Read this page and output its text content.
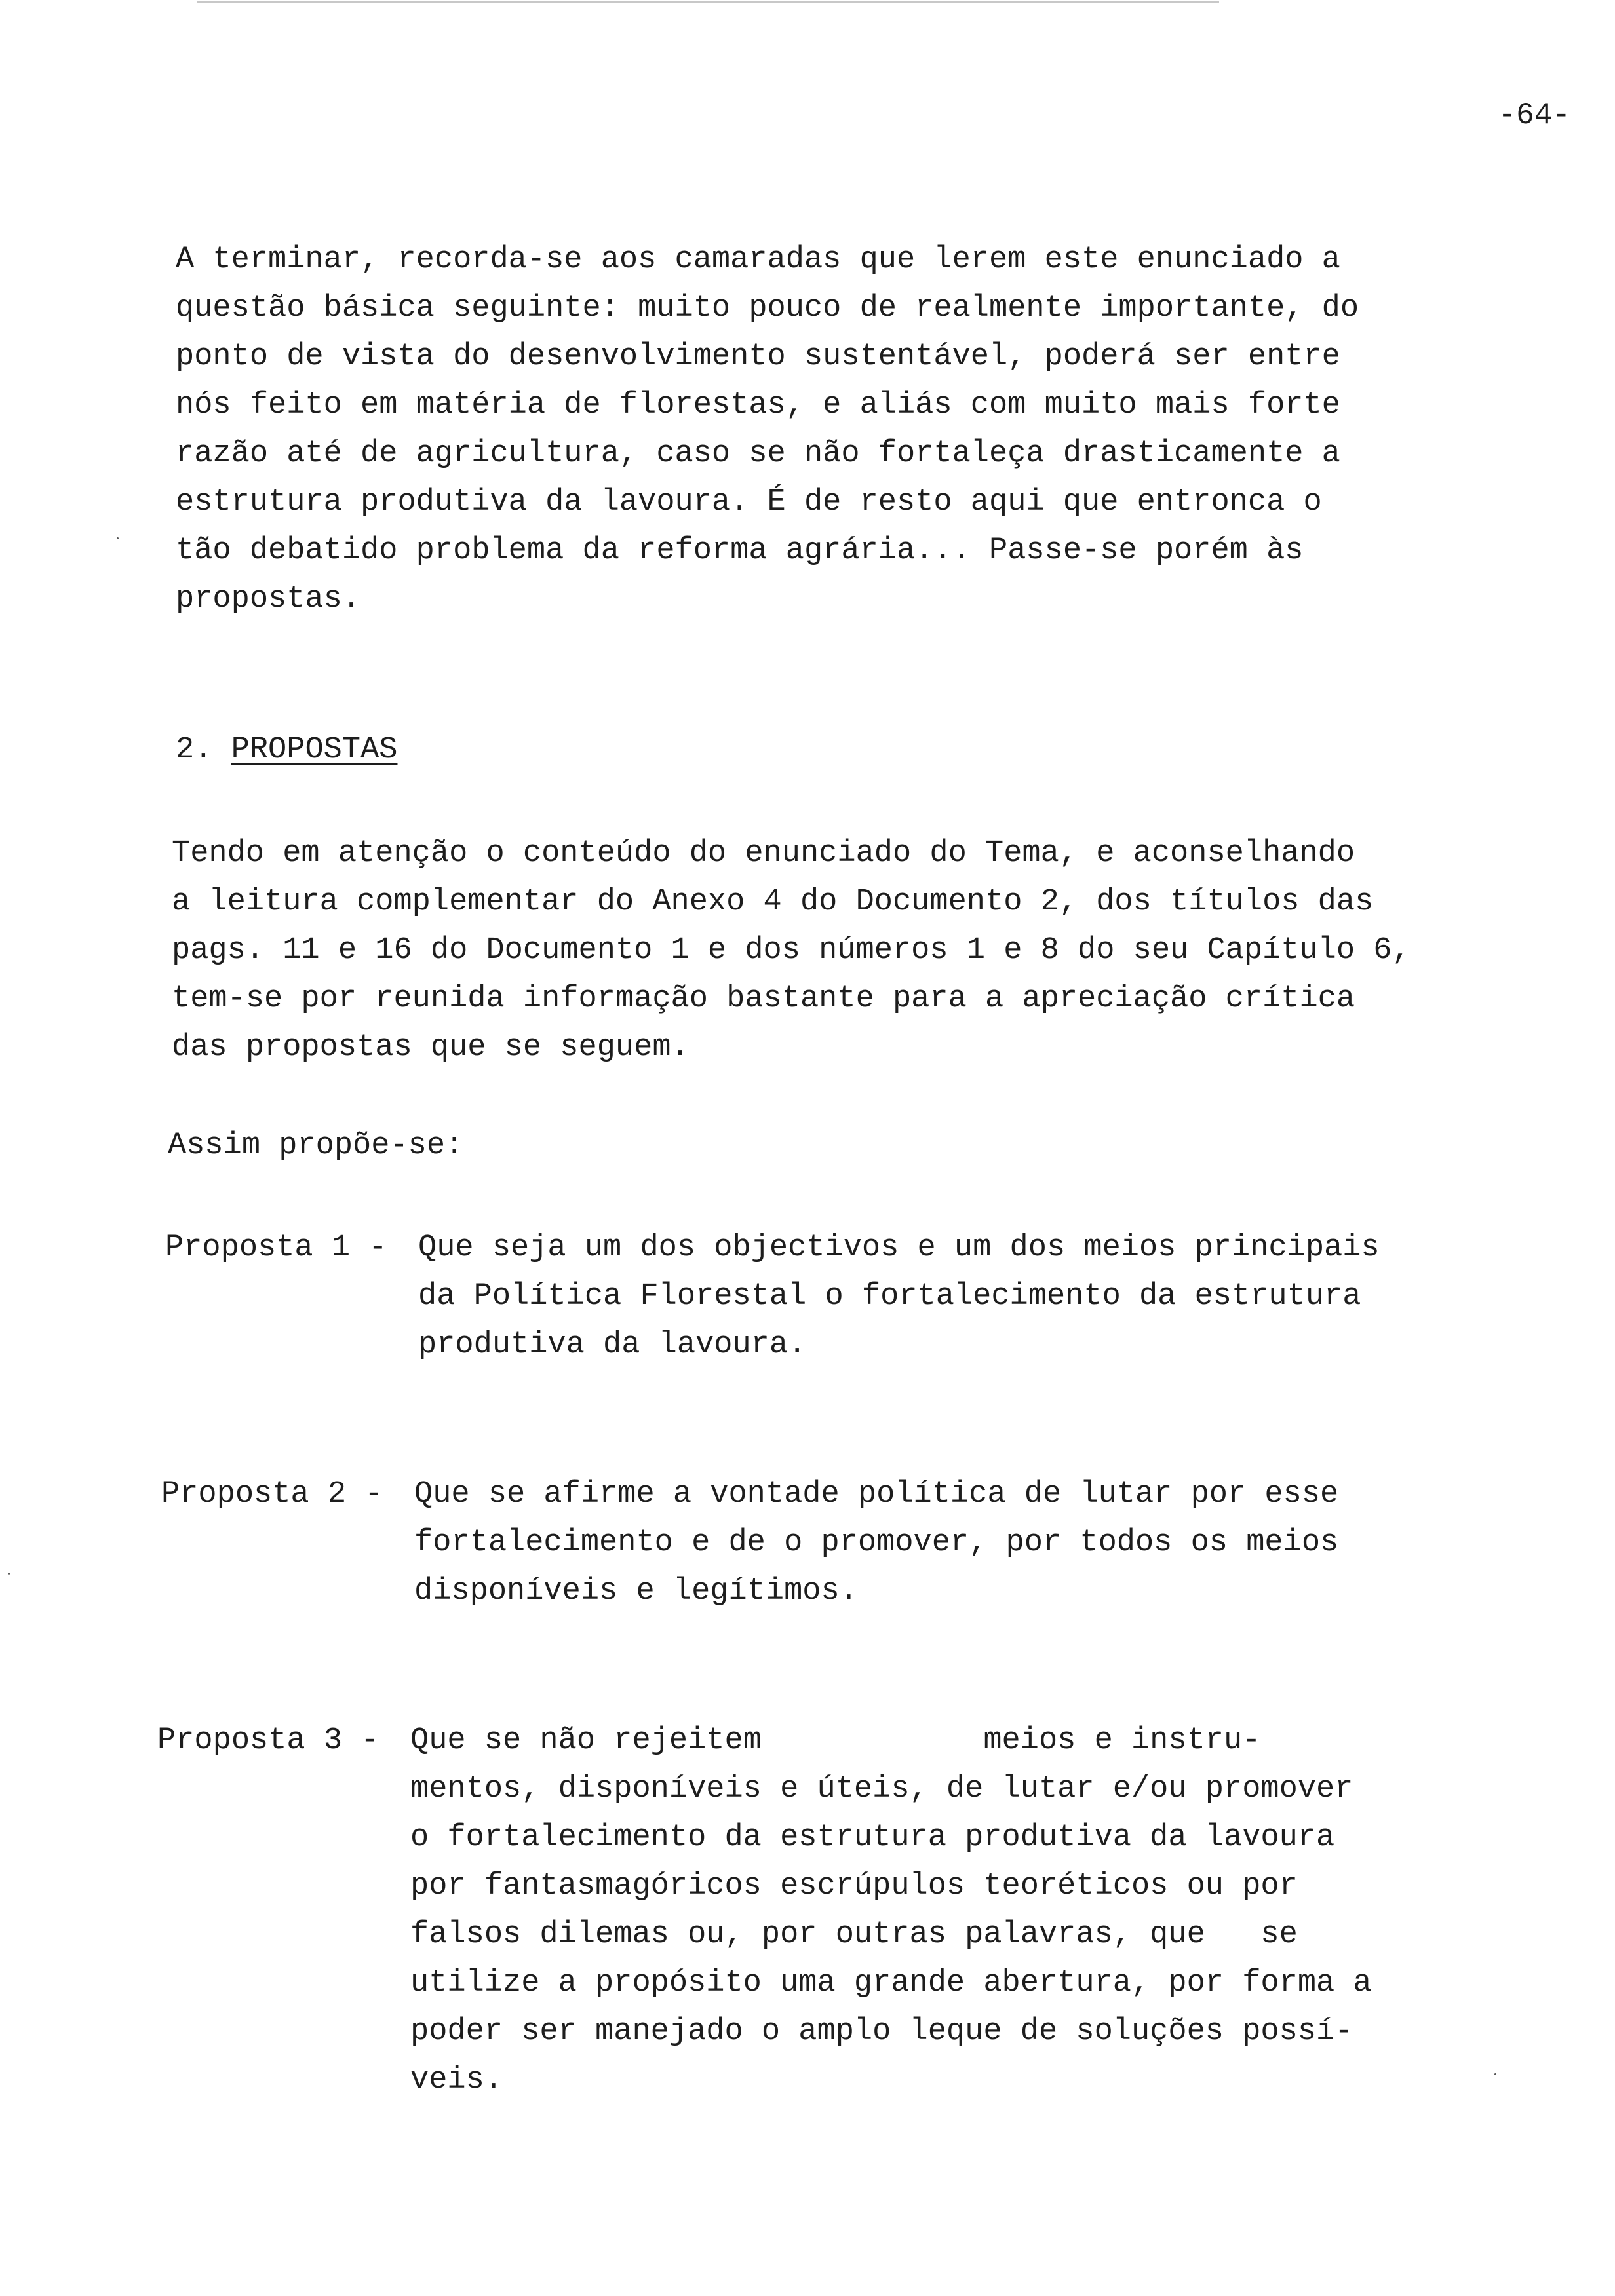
-64-

A terminar, recorda-se aos camaradas que lerem este enunciado a
questão básica seguinte: muito pouco de realmente importante, do
ponto de vista do desenvolvimento sustentável, poderá ser entre
nós feito em matéria de florestas, e aliás com muito mais forte
razão até de agricultura, caso se não fortaleça drasticamente a
estrutura produtiva da lavoura. É de resto aqui que entronca o
tão debatido problema da reforma agrária... Passe-se porém às
propostas.

2. PROPOSTAS

Tendo em atenção o conteúdo do enunciado do Tema, e aconselhando
a leitura complementar do Anexo 4 do Documento 2, dos títulos das
pags. 11 e 16 do Documento 1 e dos números 1 e 8 do seu Capítulo 6,
tem-se por reunida informação bastante para a apreciação crítica
das propostas que se seguem.

Assim propõe-se:

Proposta 1 - Que seja um dos objectivos e um dos meios principais
da Política Florestal o fortalecimento da estrutura
produtiva da lavoura.
Proposta 2 - Que se afirme a vontade política de lutar por esse
fortalecimento e de o promover, por todos os meios
disponíveis e legítimos.
Proposta 3 - Que se não rejeitem            meios e instru-
mentos, disponíveis e úteis, de lutar e/ou promover
o fortalecimento da estrutura produtiva da lavoura
por fantasmagóricos escrúpulos teoréticos ou por
falsos dilemas ou, por outras palavras, que   se
utilize a propósito uma grande abertura, por forma a
poder ser manejado o amplo leque de soluções possí-
veis.
